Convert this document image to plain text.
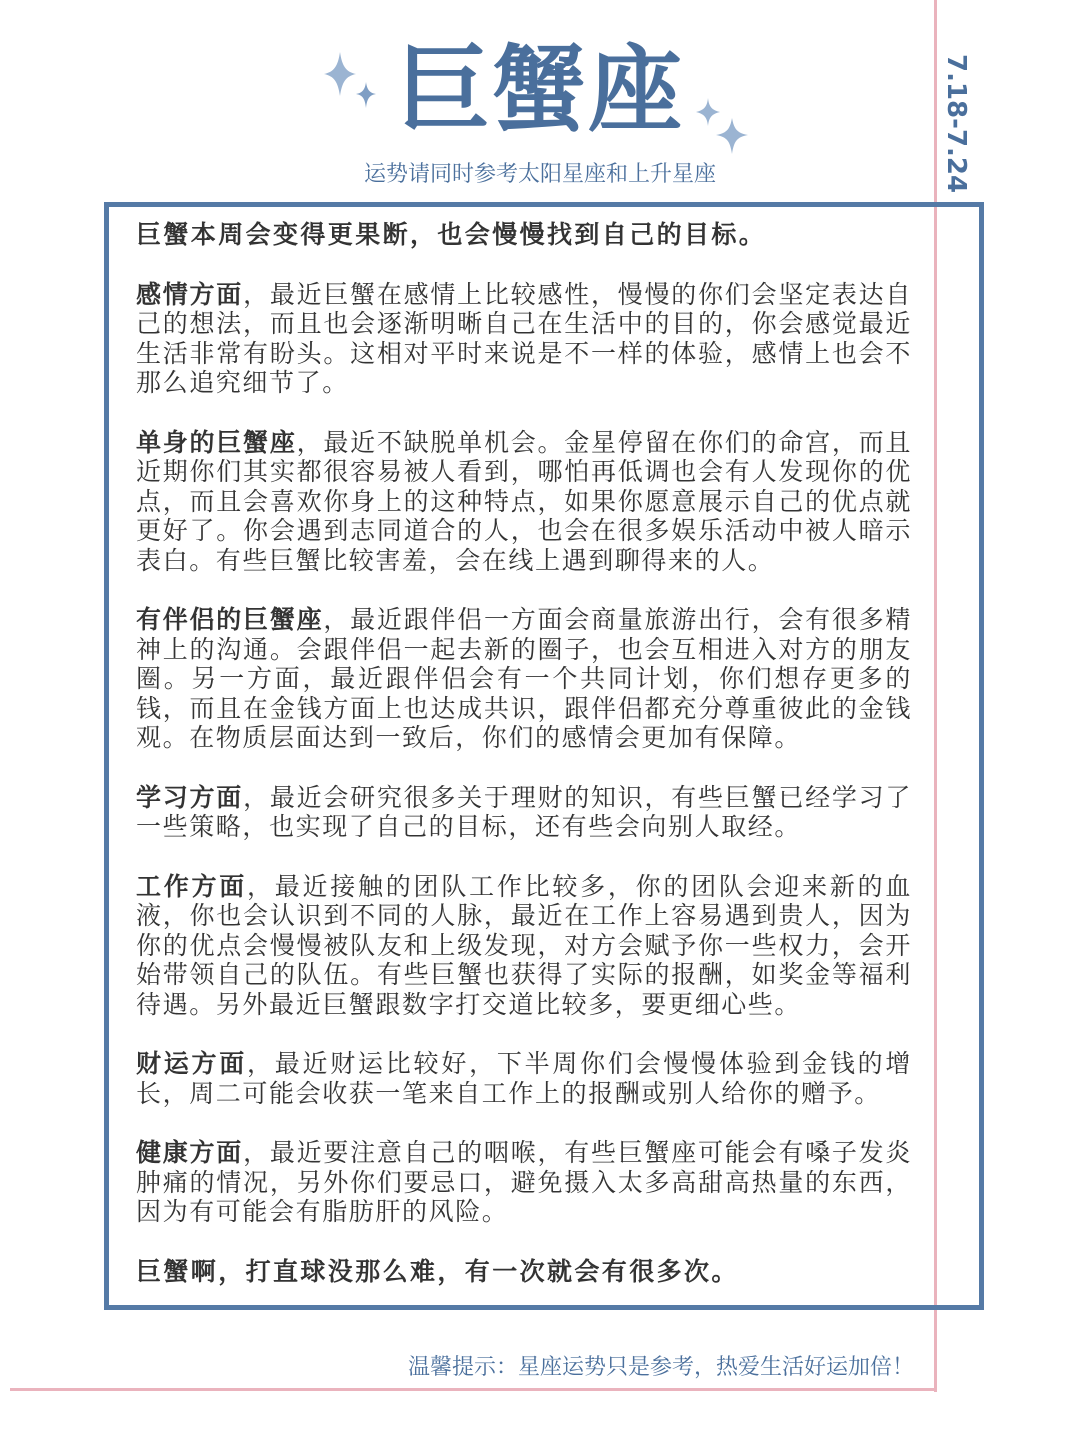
巨蟹座
运势请同时参考太阳星座和上升星座	7.18-7.24

巨蟹本周会变得更果断，也会慢慢找到自己的目标。

感情方面，最近巨蟹在感情上比较感性，慢慢的你们会坚定表达自己的想法，而且也会逐渐明晰自己在生活中的目的，你会感觉最近生活非常有盼头。这相对平时来说是不一样的体验，感情上也会不那么追究细节了。

单身的巨蟹座，最近不缺脱单机会。金星停留在你们的命宫，而且近期你们其实都很容易被人看到，哪怕再低调也会有人发现你的优点，而且会喜欢你身上的这种特点，如果你愿意展示自己的优点就更好了。你会遇到志同道合的人，也会在很多娱乐活动中被人暗示表白。有些巨蟹比较害羞，会在线上遇到聊得来的人。

有伴侣的巨蟹座，最近跟伴侣一方面会商量旅游出行，会有很多精神上的沟通。会跟伴侣一起去新的圈子，也会互相进入对方的朋友圈。另一方面，最近跟伴侣会有一个共同计划，你们想存更多的钱，而且在金钱方面上也达成共识，跟伴侣都充分尊重彼此的金钱观。在物质层面达到一致后，你们的感情会更加有保障。

学习方面，最近会研究很多关于理财的知识，有些巨蟹已经学习了一些策略，也实现了自己的目标，还有些会向别人取经。

工作方面，最近接触的团队工作比较多，你的团队会迎来新的血液，你也会认识到不同的人脉，最近在工作上容易遇到贵人，因为你的优点会慢慢被队友和上级发现，对方会赋予你一些权力，会开始带领自己的队伍。有些巨蟹也获得了实际的报酬，如奖金等福利待遇。另外最近巨蟹跟数字打交道比较多，要更细心些。

财运方面，最近财运比较好，下半周你们会慢慢体验到金钱的增长，周二可能会收获一笔来自工作上的报酬或别人给你的赠予。

健康方面，最近要注意自己的咽喉，有些巨蟹座可能会有嗓子发炎肿痛的情况，另外你们要忌口，避免摄入太多高甜高热量的东西，因为有可能会有脂肪肝的风险。

巨蟹啊，打直球没那么难，有一次就会有很多次。

温馨提示：星座运势只是参考，热爱生活好运加倍！
